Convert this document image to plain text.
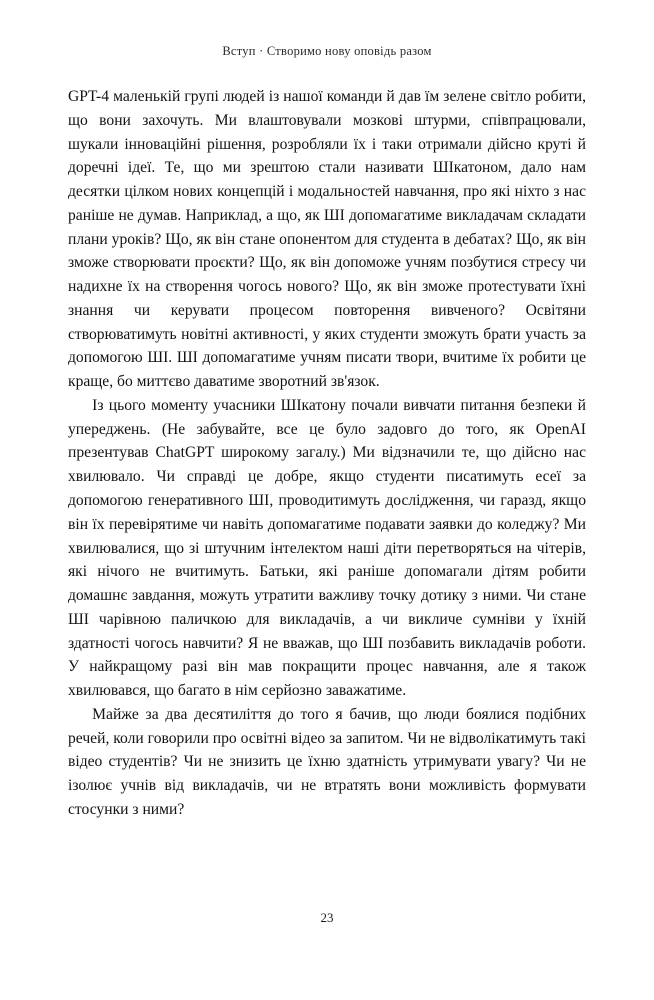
Вступ · Створимо нову оповідь разом

GPT-4 маленькій групі людей із нашої команди й дав їм зелене світло робити, що вони захочуть. Ми влаштовували мозкові штурми, співпрацювали, шукали інноваційні рішення, розробляли їх і таки отримали дійсно круті й доречні ідеї. Те, що ми зрештою стали називати ШІкатоном, дало нам десятки цілком нових концепцій і модальностей навчання, про які ніхто з нас раніше не думав. Наприклад, а що, як ШІ допомагатиме викладачам складати плани уроків? Що, як він стане опонентом для студента в дебатах? Що, як він зможе створювати проєкти? Що, як він допоможе учням позбутися стресу чи надихне їх на створення чогось нового? Що, як він зможе протестувати їхні знання чи керувати процесом повторення вивченого? Освітяни створюватимуть новітні активності, у яких студенти зможуть брати участь за допомогою ШІ. ШІ допомагатиме учням писати твори, вчитиме їх робити це краще, бо миттєво даватиме зворотний зв'язок.

Із цього моменту учасники ШІкатону почали вивчати питання безпеки й упереджень. (Не забувайте, все це було задовго до того, як OpenAI презентував ChatGPT широкому загалу.) Ми відзначили те, що дійсно нас хвилювало. Чи справді це добре, якщо студенти писатимуть есеї за допомогою генеративного ШІ, проводитимуть дослідження, чи гаразд, якщо він їх перевірятиме чи навіть допомагатиме подавати заявки до коледжу? Ми хвилювалися, що зі штучним інтелектом наші діти перетворяться на чітерів, які нічого не вчитимуть. Батьки, які раніше допомагали дітям робити домашнє завдання, можуть утратити важливу точку дотику з ними. Чи стане ШІ чарівною паличкою для викладачів, а чи викличе сумніви у їхній здатності чогось навчити? Я не вважав, що ШІ позбавить викладачів роботи. У найкращому разі він мав покращити процес навчання, але я також хвилювався, що багато в нім серйозно заважатиме.

Майже за два десятиліття до того я бачив, що люди боялися подібних речей, коли говорили про освітні відео за запитом. Чи не відволікатимуть такі відео студентів? Чи не знизить це їхню здатність утримувати увагу? Чи не ізолює учнів від викладачів, чи не втратять вони можливість формувати стосунки з ними?

23
